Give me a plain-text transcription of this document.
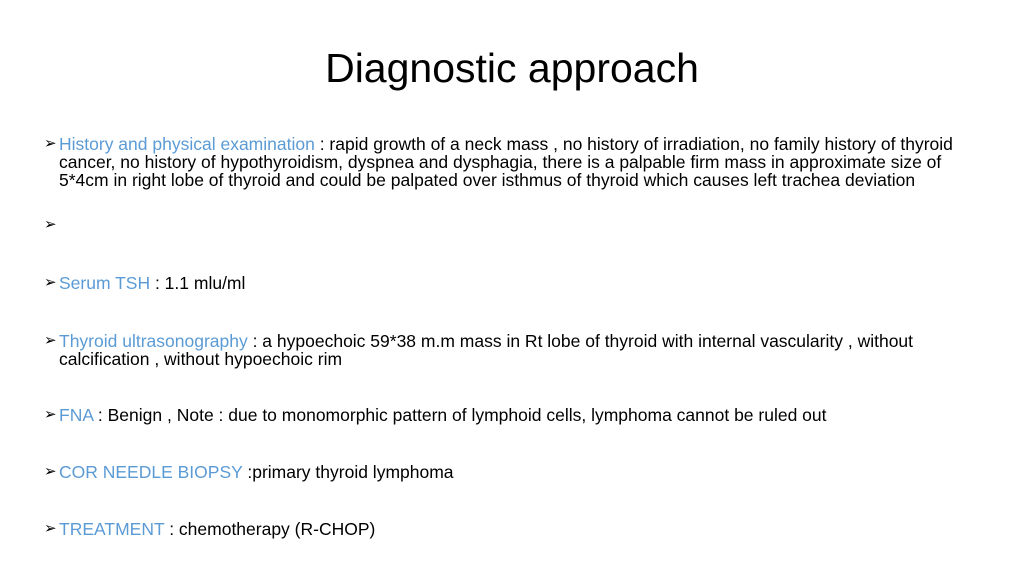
Diagnostic approach
➢ History and physical examination : rapid growth of a neck mass , no history of irradiation, no family history of thyroid cancer, no history of hypothyroidism, dyspnea and dysphagia, there is a palpable firm mass in approximate size of 5*4cm in right lobe of thyroid and could be palpated over isthmus of thyroid which causes left trachea deviation
➢
➢ Serum TSH : 1.1 mlu/ml
➢ Thyroid ultrasonography : a hypoechoic 59*38 m.m mass in Rt lobe of thyroid with internal vascularity , without calcification , without hypoechoic rim
➢ FNA : Benign , Note : due to monomorphic pattern of lymphoid cells, lymphoma cannot be ruled out
➢ COR NEEDLE BIOPSY :primary thyroid lymphoma
➢ TREATMENT : chemotherapy (R-CHOP)
